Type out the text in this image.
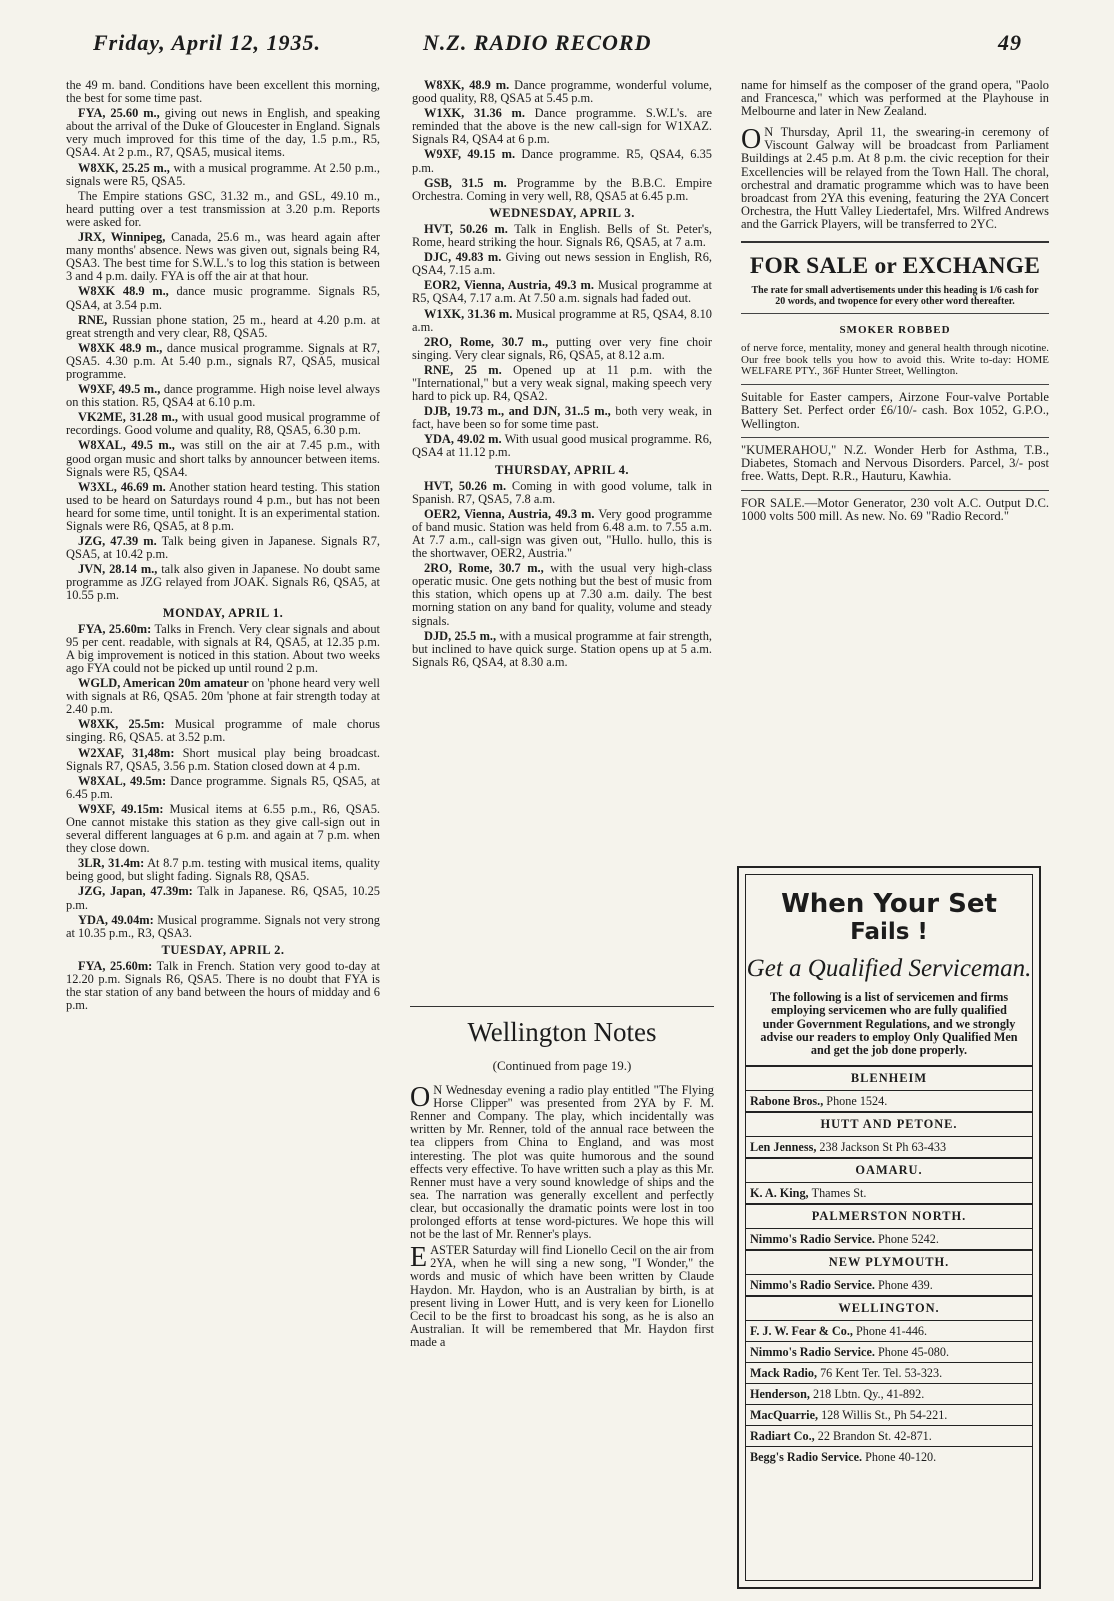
Friday, April 12, 1935.	N.Z. RADIO RECORD	49

the 49 m. band. Conditions have been excellent this morning, the best for some time past.

FYA, 25.60 m., giving out news in English, and speaking about the arrival of the Duke of Gloucester in England. Signals very much improved for this time of the day, 1.5 p.m., R5, QSA4. At 2 p.m., R7, QSA5, musical items.

W8XK, 25.25 m., with a musical programme. At 2.50 p.m., signals were R5, QSA5.

The Empire stations GSC, 31.32 m., and GSL, 49.10 m., heard putting over a test transmission at 3.20 p.m. Reports were asked for.

JRX, Winnipeg, Canada, 25.6 m., was heard again after many months' absence. News was given out, signals being R4, QSA3. The best time for S.W.L.'s to log this station is between 3 and 4 p.m. daily. FYA is off the air at that hour.

W8XK 48.9 m., dance music programme. Signals R5, QSA4, at 3.54 p.m.

RNE, Russian phone station, 25 m., heard at 4.20 p.m. at great strength and very clear, R8, QSA5.

W8XK 48.9 m., dance musical programme. Signals at R7, QSA5. 4.30 p.m. At 5.40 p.m., signals R7, QSA5, musical programme.

W9XF, 49.5 m., dance programme. High noise level always on this station. R5, QSA4 at 6.10 p.m.

VK2ME, 31.28 m., with usual good musical programme of recordings. Good volume and quality, R8, QSA5, 6.30 p.m.

W8XAL, 49.5 m., was still on the air at 7.45 p.m., with good organ music and short talks by announcer between items. Signals were R5, QSA4.

W3XL, 46.69 m. Another station heard testing. This station used to be heard on Saturdays round 4 p.m., but has not been heard for some time, until tonight. It is an experimental station. Signals were R6, QSA5, at 8 p.m.

JZG, 47.39 m. Talk being given in Japanese. Signals R7, QSA5, at 10.42 p.m.

JVN, 28.14 m., talk also given in Japanese. No doubt same programme as JZG relayed from JOAK. Signals R6, QSA5, at 10.55 p.m.

MONDAY, APRIL 1.

FYA, 25.60m: Talks in French. Very clear signals and about 95 per cent. readable, with signals at R4, QSA5, at 12.35 p.m. A big improvement is noticed in this station. About two weeks ago FYA could not be picked up until round 2 p.m.

WGLD, American 20m amateur on 'phone heard very well with signals at R6, QSA5. 20m 'phone at fair strength today at 2.40 p.m.

W8XK, 25.5m: Musical programme of male chorus singing. R6, QSA5. at 3.52 p.m.

W2XAF, 31,48m: Short musical play being broadcast. Signals R7, QSA5, 3.56 p.m. Station closed down at 4 p.m.

W8XAL, 49.5m: Dance programme. Signals R5, QSA5, at 6.45 p.m.

W9XF, 49.15m: Musical items at 6.55 p.m., R6, QSA5. One cannot mistake this station as they give call-sign out in several different languages at 6 p.m. and again at 7 p.m. when they close down.

3LR, 31.4m: At 8.7 p.m. testing with musical items, quality being good, but slight fading. Signals R8, QSA5.

JZG, Japan, 47.39m: Talk in Japanese. R6, QSA5, 10.25 p.m.

YDA, 49.04m: Musical programme. Signals not very strong at 10.35 p.m., R3, QSA3.

TUESDAY, APRIL 2.

FYA, 25.60m: Talk in French. Station very good to-day at 12.20 p.m. Signals R6, QSA5. There is no doubt that FYA is the star station of any band between the hours of midday and 6 p.m.

W8XK, 48.9 m. Dance programme, wonderful volume, good quality, R8, QSA5 at 5.45 p.m.

W1XK, 31.36 m. Dance programme. S.W.L's. are reminded that the above is the new call-sign for W1XAZ. Signals R4, QSA4 at 6 p.m.

W9XF, 49.15 m. Dance programme. R5, QSA4, 6.35 p.m.

GSB, 31.5 m. Programme by the B.B.C. Empire Orchestra. Coming in very well, R8, QSA5 at 6.45 p.m.

WEDNESDAY, APRIL 3.

HVT, 50.26 m. Talk in English. Bells of St. Peter's, Rome, heard striking the hour. Signals R6, QSA5, at 7 a.m.

DJC, 49.83 m. Giving out news session in English, R6, QSA4, 7.15 a.m.

EOR2, Vienna, Austria, 49.3 m. Musical programme at R5, QSA4, 7.17 a.m. At 7.50 a.m. signals had faded out.

W1XK, 31.36 m. Musical programme at R5, QSA4, 8.10 a.m.

2RO, Rome, 30.7 m., putting over very fine choir singing. Very clear signals, R6, QSA5, at 8.12 a.m.

RNE, 25 m. Opened up at 11 p.m. with the "International," but a very weak signal, making speech very hard to pick up. R4, QSA2.

DJB, 19.73 m., and DJN, 31..5 m., both very weak, in fact, have been so for some time past.

YDA, 49.02 m. With usual good musical programme. R6, QSA4 at 11.12 p.m.

THURSDAY, APRIL 4.

HVT, 50.26 m. Coming in with good volume, talk in Spanish. R7, QSA5, 7.8 a.m.

OER2, Vienna, Austria, 49.3 m. Very good programme of band music. Station was held from 6.48 a.m. to 7.55 a.m. At 7.7 a.m., call-sign was given out, "Hullo. hullo, this is the shortwaver, OER2, Austria."

2RO, Rome, 30.7 m., with the usual very high-class operatic music. One gets nothing but the best of music from this station, which opens up at 7.30 a.m. daily. The best morning station on any band for quality, volume and steady signals.

DJD, 25.5 m., with a musical programme at fair strength, but inclined to have quick surge. Station opens up at 5 a.m. Signals R6, QSA4, at 8.30 a.m.

Wellington Notes
(Continued from page 19.)

O N Wednesday evening a radio play entitled "The Flying Horse Clipper" was presented from 2YA by F. M. Renner and Company. The play, which incidentally was written by Mr. Renner, told of the annual race between the tea clippers from China to England, and was most interesting. The plot was quite humorous and the sound effects very effective. To have written such a play as this Mr. Renner must have a very sound knowledge of ships and the sea. The narration was generally excellent and perfectly clear, but occasionally the dramatic points were lost in too prolonged efforts at tense word-pictures. We hope this will not be the last of Mr. Renner's plays.

EASTER Saturday will find Lionello Cecil on the air from 2YA, when he will sing a new song, "I Wonder," the words and music of which have been written by Claude Haydon. Mr. Haydon, who is an Australian by birth, is at present living in Lower Hutt, and is very keen for Lionello Cecil to be the first to broadcast his song, as he is also an Australian. It will be remembered that Mr. Haydon first made a

name for himself as the composer of the grand opera, "Paolo and Francesca," which was performed at the Playhouse in Melbourne and later in New Zealand.

O N Thursday, April 11, the swearing-in ceremony of Viscount Galway will be broadcast from Parliament Buildings at 2.45 p.m. At 8 p.m. the civic reception for their Excellencies will be relayed from the Town Hall. The choral, orchestral and dramatic programme which was to have been broadcast from 2YA this evening, featuring the 2YA Concert Orchestra, the Hutt Valley Liedertafel, Mrs. Wilfred Andrews and the Garrick Players, will be transferred to 2YC.

FOR SALE or EXCHANGE
The rate for small advertisements under this heading is 1/6 cash for 20 words, and twopence for every other word thereafter.
SMOKER ROBBED
of nerve force, mentality, money and general health through nicotine. Our free book tells you how to avoid this. Write to-day: HOME WELFARE PTY., 36F Hunter Street, Wellington.
Suitable for Easter campers, Airzone Four-valve Portable Battery Set. Perfect order £6/10/- cash. Box 1052, G.P.O., Wellington.
"KUMERAHOU," N.Z. Wonder Herb for Asthma, T.B., Diabetes, Stomach and Nervous Disorders. Parcel, 3/- post free. Watts, Dept. R.R., Hauturu, Kawhia.
FOR SALE.—Motor Generator, 230 volt A.C. Output D.C. 1000 volts 500 mill. As new. No. 69 "Radio Record."
When Your Set
Fails !
Get a Qualified Serviceman.
The following is a list of servicemen and firms employing servicemen who are fully qualified under Government Regulations, and we strongly advise our readers to employ Only Qualified Men and get the job done properly.
BLENHEIM
Rabone Bros., Phone 1524.
HUTT AND PETONE.
Len Jenness, 238 Jackson St Ph 63-433
OAMARU.
K. A. King, Thames St.
PALMERSTON NORTH.
Nimmo's Radio Service. Phone 5242.
NEW PLYMOUTH.
Nimmo's Radio Service. Phone 439.
WELLINGTON.
F. J. W. Fear & Co., Phone 41-446.
Nimmo's Radio Service. Phone 45-080.
Mack Radio, 76 Kent Ter. Tel. 53-323.
Henderson, 218 Lbtn. Qy., 41-892.
MacQuarrie, 128 Willis St., Ph 54-221.
Radiart Co., 22 Brandon St. 42-871.
Begg's Radio Service. Phone 40-120.
